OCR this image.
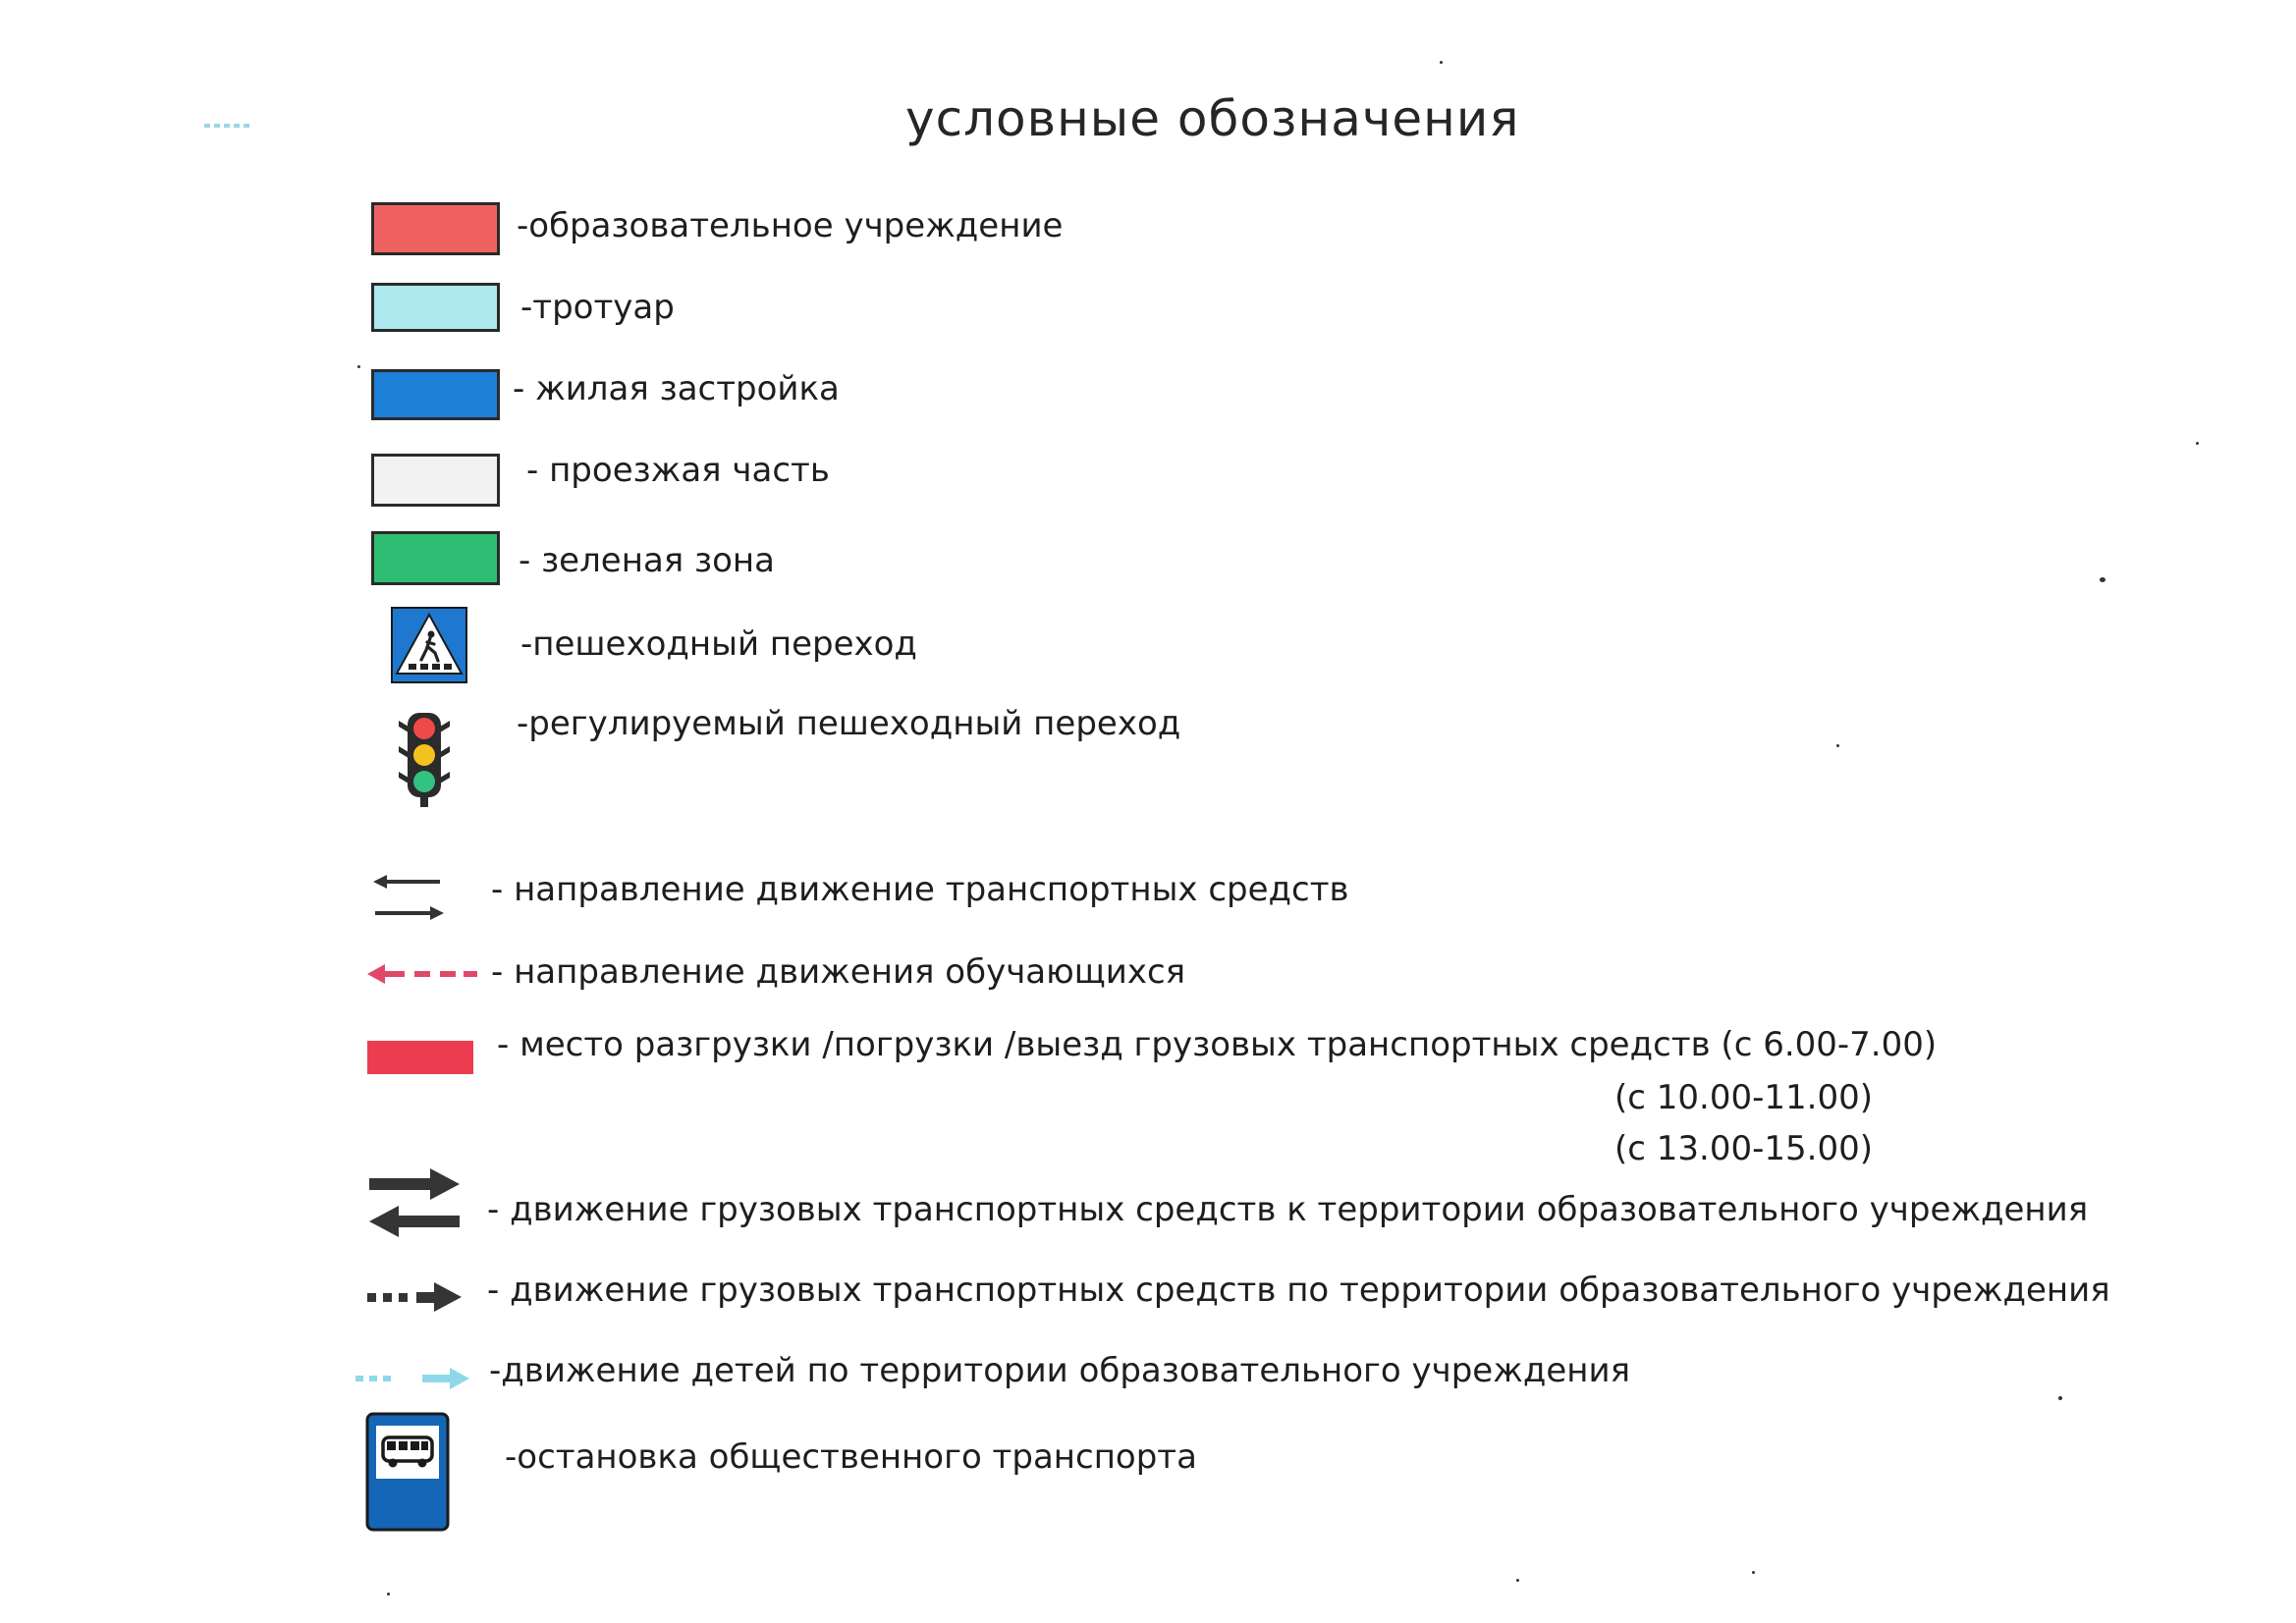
условные обозначения
-образовательное учреждение
-тротуар
- жилая застройка
- проезжая часть
- зеленая зона
-пешеходный переход
-регулируемый пешеходный переход
- направление движение транспортных средств
- направление движения обучающихся
- место разгрузки /погрузки /выезд грузовых транспортных средств (с 6.00-7.00)
(с 10.00-11.00)
(с 13.00-15.00)
- движение грузовых транспортных средств к территории образовательного учреждения
- движение грузовых транспортных средств по территории образовательного учреждения
-движение детей по территории образовательного учреждения
-остановка общественного транспорта
